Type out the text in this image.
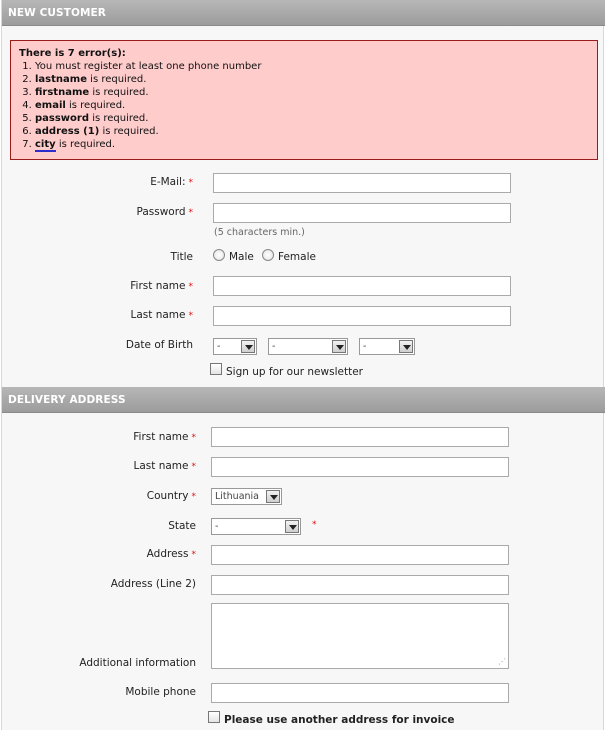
NEW CUSTOMER
There is 7 error(s):
1. You must register at least one phone number
2. lastname is required.
3. firstname is required.
4. email is required.
5. password is required.
6. address (1) is required.
7. city is required.
E-Mail: *
Password *
(5 characters min.)
Title	Male Female
First name *
Last name *
Date of Birth	-	-	-
Sign up for our newsletter
DELIVERY ADDRESS
First name *
Last name *
Country *	Lithuania
State	-	*
Address *
Address (Line 2)
⋰
Additional information
Mobile phone
Please use another address for invoice
